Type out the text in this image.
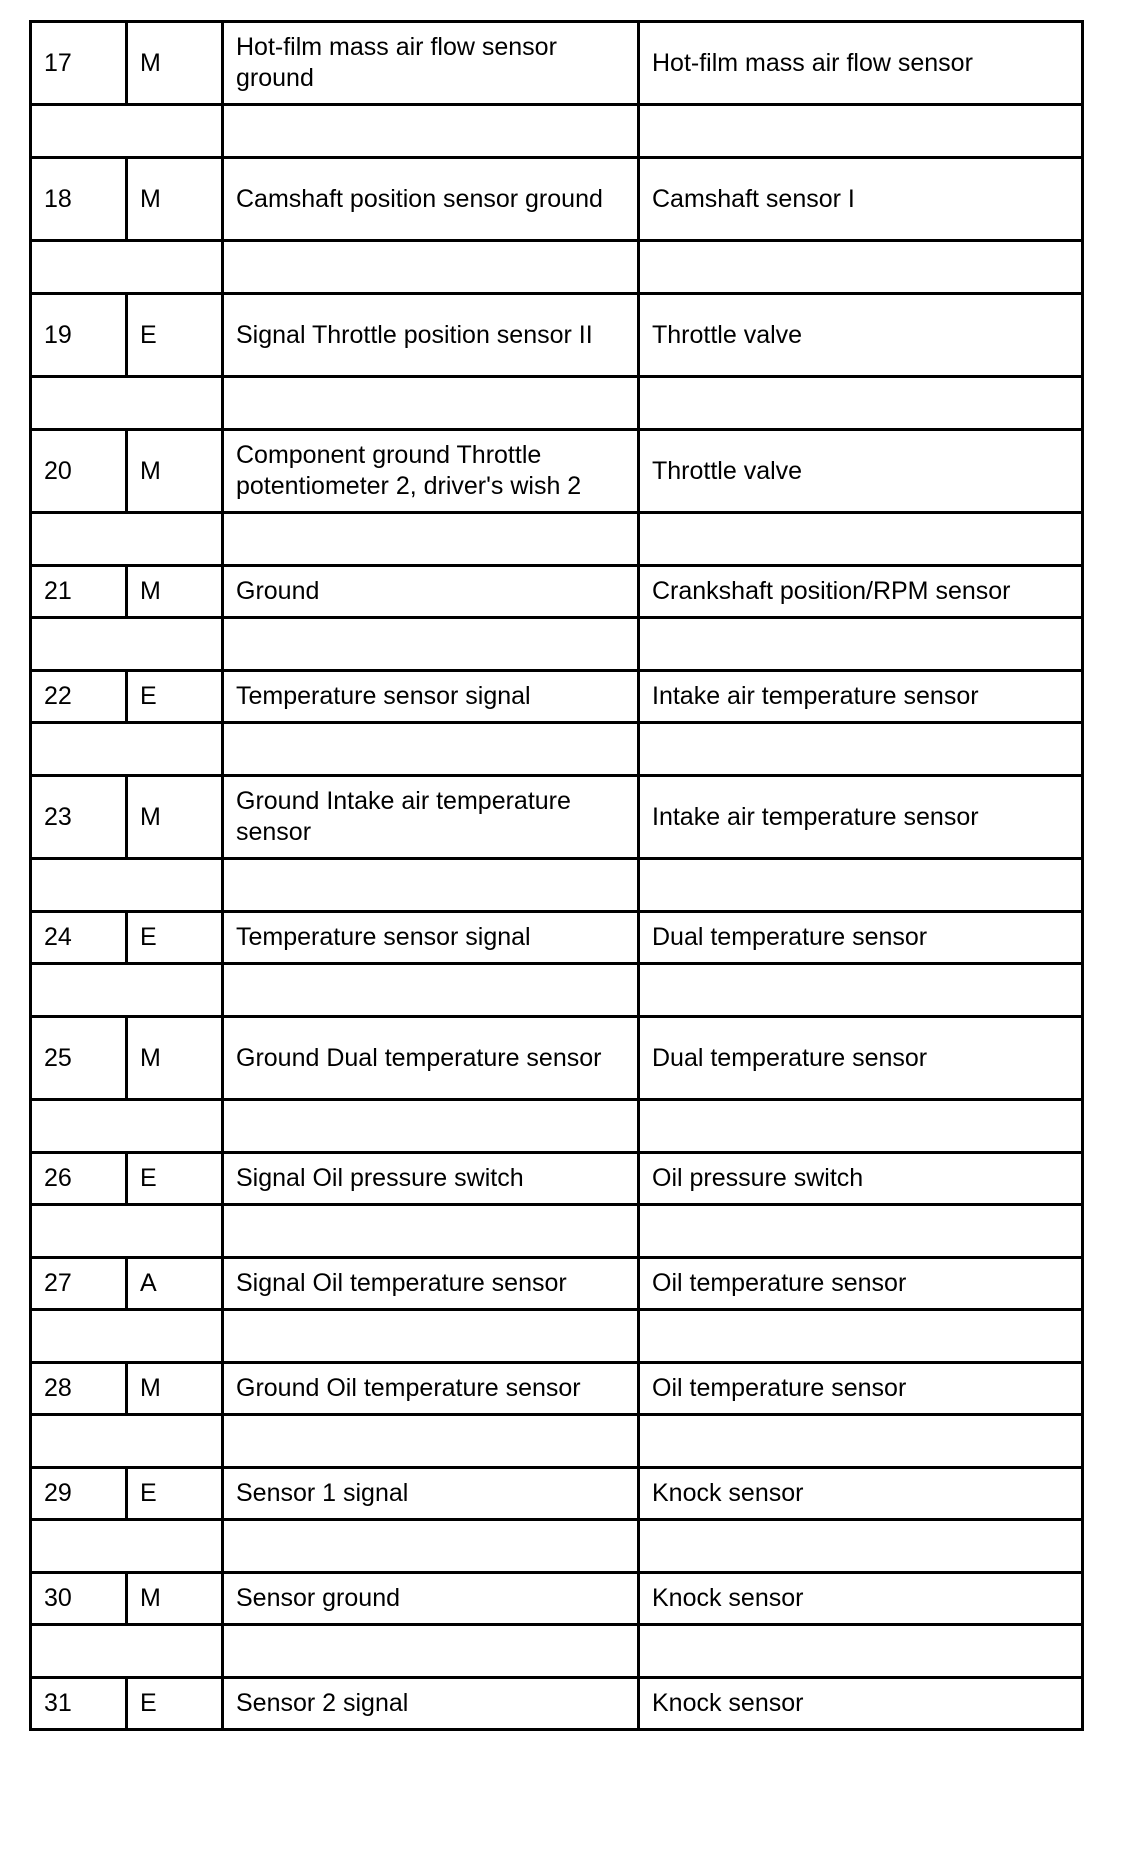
17	M	Hot-film mass air flow sensor ground	Hot-film mass air flow sensor

18	M	Camshaft position sensor ground	Camshaft sensor I

19	E	Signal Throttle position sensor II	Throttle valve

20	M	Component ground Throttle potentiometer 2, driver's wish 2	Throttle valve

21	M	Ground	Crankshaft position/RPM sensor

22	E	Temperature sensor signal	Intake air temperature sensor

23	M	Ground Intake air temperature sensor	Intake air temperature sensor

24	E	Temperature sensor signal	Dual temperature sensor

25	M	Ground Dual temperature sensor	Dual temperature sensor

26	E	Signal Oil pressure switch	Oil pressure switch

27	A	Signal Oil temperature sensor	Oil temperature sensor

28	M	Ground Oil temperature sensor	Oil temperature sensor

29	E	Sensor 1 signal	Knock sensor

30	M	Sensor ground	Knock sensor

31	E	Sensor 2 signal	Knock sensor
